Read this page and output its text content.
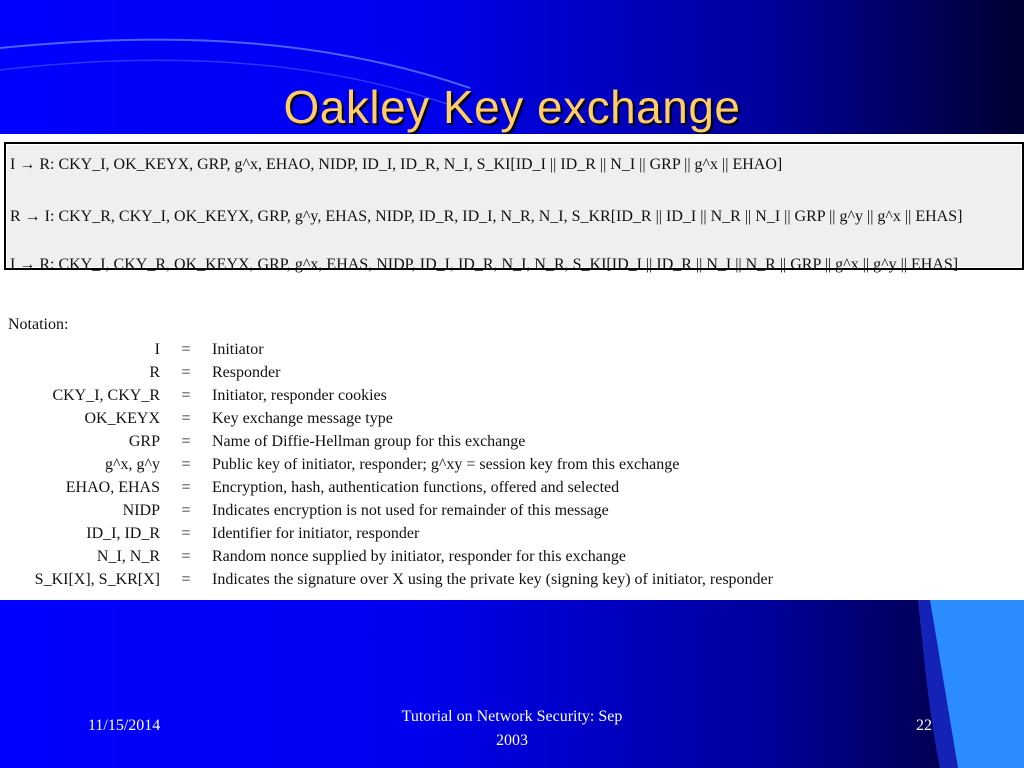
Oakley Key exchange
I → R: CKY_I, OK_KEYX, GRP, g^x, EHAO, NIDP, ID_I, ID_R, N_I, S_KI[ID_I || ID_R || N_I || GRP || g^x || EHAO]
R → I: CKY_R, CKY_I, OK_KEYX, GRP, g^y, EHAS, NIDP, ID_R, ID_I, N_R, N_I, S_KR[ID_R || ID_I || N_R || N_I || GRP || g^y || g^x || EHAS]
I → R: CKY_I, CKY_R, OK_KEYX, GRP, g^x, EHAS, NIDP, ID_I, ID_R, N_I, N_R, S_KI[ID_I || ID_R || N_I || N_R || GRP || g^x || g^y || EHAS]
Notation:
I	=	Initiator
R	=	Responder
CKY_I, CKY_R	=	Initiator, responder cookies
OK_KEYX	=	Key exchange message type
GRP	=	Name of Diffie-Hellman group for this exchange
g^x, g^y	=	Public key of initiator, responder; g^xy = session key from this exchange
EHAO, EHAS	=	Encryption, hash, authentication functions, offered and selected
NIDP	=	Indicates encryption is not used for remainder of this message
ID_I, ID_R	=	Identifier for initiator, responder
N_I, N_R	=	Random nonce supplied by initiator, responder for this exchange
S_KI[X], S_KR[X]	=	Indicates the signature over X using the private key (signing key) of initiator, responder
11/15/2014
Tutorial on Network Security: Sep
2003
22
